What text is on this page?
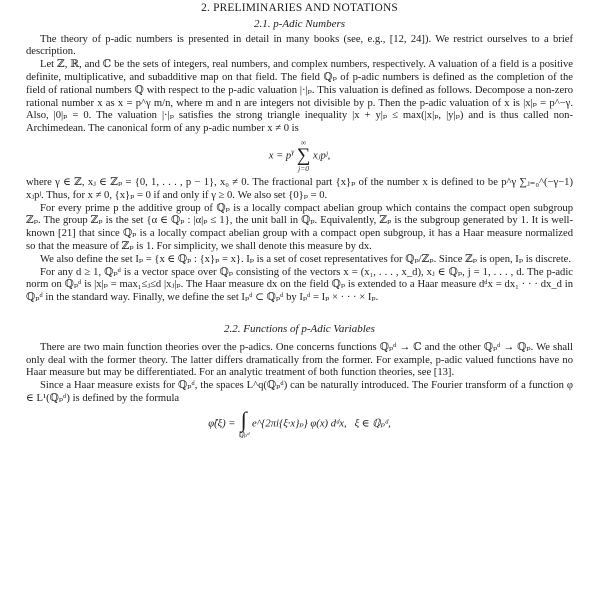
2. PRELIMINARIES AND NOTATIONS
2.1. p-Adic Numbers

The theory of p-adic numbers is presented in detail in many books (see, e.g., [12, 24]). We restrict ourselves to a brief description.

Let ℤ, ℝ, and ℂ be the sets of integers, real numbers, and complex numbers, respectively. A valuation of a field is a positive definite, multiplicative, and subadditive map on that field. The field ℚₚ of p-adic numbers is defined as the completion of the field of rational numbers ℚ with respect to the p-adic valuation |·|ₚ. This valuation is defined as follows. Decompose a non-zero rational number x as x = p^γ m/n, where m and n are integers not divisible by p. Then the p-adic valuation of x is |x|ₚ = p^−γ. Also, |0|ₚ = 0. The valuation |·|ₚ satisfies the strong triangle inequality |x + y|ₚ ≤ max(|x|ₚ, |y|ₚ) and is thus called non-Archimedean. The canonical form of any p-adic number x ≠ 0 is

$x = p^\gamma$
∞
∑
j=0
xⱼpʲ,

where γ ∈ ℤ, xⱼ ∈ ℤₚ = {0, 1, . . . , p − 1}, x₀ ≠ 0. The fractional part {x}ₚ of the number x is defined to be p^γ ∑ⱼ₌₀^(−γ−1) xⱼpʲ. Thus, for x ≠ 0, {x}ₚ = 0 if and only if γ ≥ 0. We also set {0}ₚ = 0.

For every prime p the additive group of ℚₚ is a locally compact abelian group which contains the compact open subgroup ℤₚ. The group ℤₚ is the set {α ∈ ℚₚ : |α|ₚ ≤ 1}, the unit ball in ℚₚ. Equivalently, ℤₚ is the subgroup generated by 1. It is well-known [21] that since ℚₚ is a locally compact abelian group with a compact open subgroup, it has a Haar measure normalized so that the measure of ℤₚ is 1. For simplicity, we shall denote this measure by dx.

We also define the set Iₚ = {x ∈ ℚₚ : {x}ₚ = x}. Iₚ is a set of coset representatives for ℚₚ/ℤₚ. Since ℤₚ is open, Iₚ is discrete.

For any d ≥ 1, ℚₚᵈ is a vector space over ℚₚ consisting of the vectors x = (x₁, . . . , x_d), xⱼ ∈ ℚₚ, j = 1, . . . , d. The p-adic norm on ℚₚᵈ is |x|ₚ = max₁≤ⱼ≤d |xⱼ|ₚ. The Haar measure dx on the field ℚₚ is extended to a Haar measure dᵈx = dx₁ · · · dx_d in ℚₚᵈ in the standard way. Finally, we define the set Iₚᵈ ⊂ ℚₚᵈ by Iₚᵈ = Iₚ × · · · × Iₚ.

2.2. Functions of p-Adic Variables

There are two main function theories over the p-adics. One concerns functions ℚₚᵈ → ℂ and the other ℚₚᵈ → ℚₚ. We shall only deal with the former theory. The latter differs dramatically from the former. For example, p-adic valued functions have no Haar measure but may be differentiated. For an analytic treatment of both function theories, see [13].

Since a Haar measure exists for ℚₚᵈ, the spaces L^q(ℚₚᵈ) can be naturally introduced. The Fourier transform of a function φ ∈ L¹(ℚₚᵈ) is defined by the formula

φ̂(ξ) = ∫
ℚₚᵈ
e^{2πi{ξ·x}ₚ} φ(x) dᵈx, ξ ∈ ℚₚᵈ,
